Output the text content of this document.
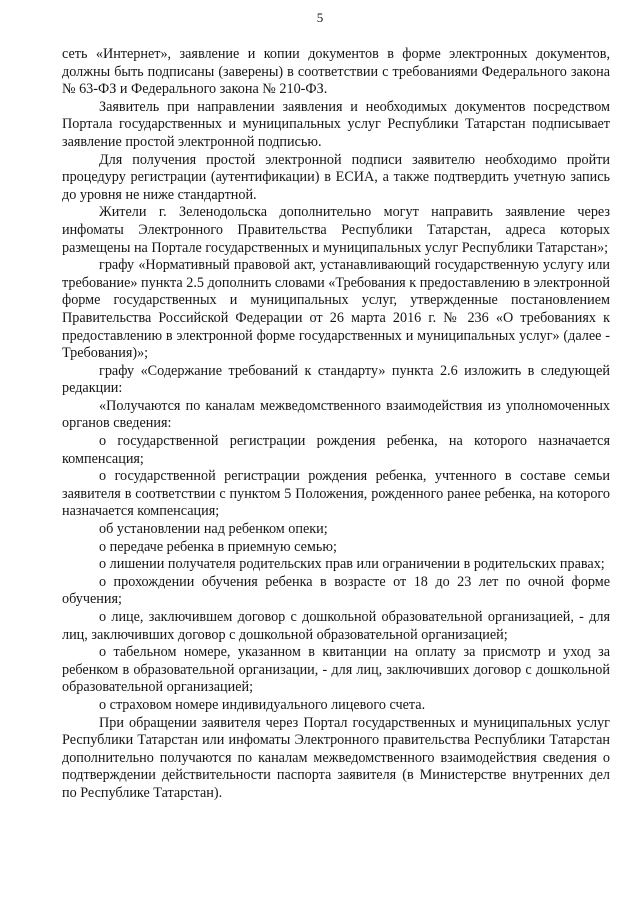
5

сеть «Интернет», заявление и копии документов в форме электронных документов, должны быть подписаны (заверены) в соответствии с требованиями Федерального закона № 63-ФЗ и Федерального закона № 210-ФЗ.

Заявитель при направлении заявления и необходимых документов посредством Портала государственных и муниципальных услуг Республики Татарстан подписывает заявление простой электронной подписью.

Для получения простой электронной подписи заявителю необходимо пройти процедуру регистрации (аутентификации) в ЕСИА, а также подтвердить учетную запись до уровня не ниже стандартной.

Жители г. Зеленодольска дополнительно могут направить заявление через инфоматы Электронного Правительства Республики Татарстан, адреса которых размещены на Портале государственных и муниципальных услуг Республики Татарстан»;

графу «Нормативный правовой акт, устанавливающий государственную услугу или требование» пункта 2.5 дополнить словами «Требования к предоставлению в электронной форме государственных и муниципальных услуг, утвержденные постановлением Правительства Российской Федерации от 26 марта 2016 г. № 236 «О требованиях к предоставлению в электронной форме государственных и муниципальных услуг» (далее - Требования)»;

графу «Содержание требований к стандарту» пункта 2.6 изложить в следующей редакции:

«Получаются по каналам межведомственного взаимодействия из уполномоченных органов сведения:

о государственной регистрации рождения ребенка, на которого назначается компенсация;

о государственной регистрации рождения ребенка, учтенного в составе семьи заявителя в соответствии с пунктом 5 Положения, рожденного ранее ребенка, на которого назначается компенсация;

об установлении над ребенком опеки;

о передаче ребенка в приемную семью;

о лишении получателя родительских прав или ограничении в родительских правах;

о прохождении обучения ребенка в возрасте от 18 до 23 лет по очной форме обучения;

о лице, заключившем договор с дошкольной образовательной организацией, - для лиц, заключивших договор с дошкольной образовательной организацией;

о табельном номере, указанном в квитанции на оплату за присмотр и уход за ребенком в образовательной организации, - для лиц, заключивших договор с дошкольной образовательной организацией;

о страховом номере индивидуального лицевого счета.

При обращении заявителя через Портал государственных и муниципальных услуг Республики Татарстан или инфоматы Электронного правительства Республики Татарстан дополнительно получаются по каналам межведомственного взаимодействия сведения о подтверждении действительности паспорта заявителя (в Министерстве внутренних дел по Республике Татарстан).
